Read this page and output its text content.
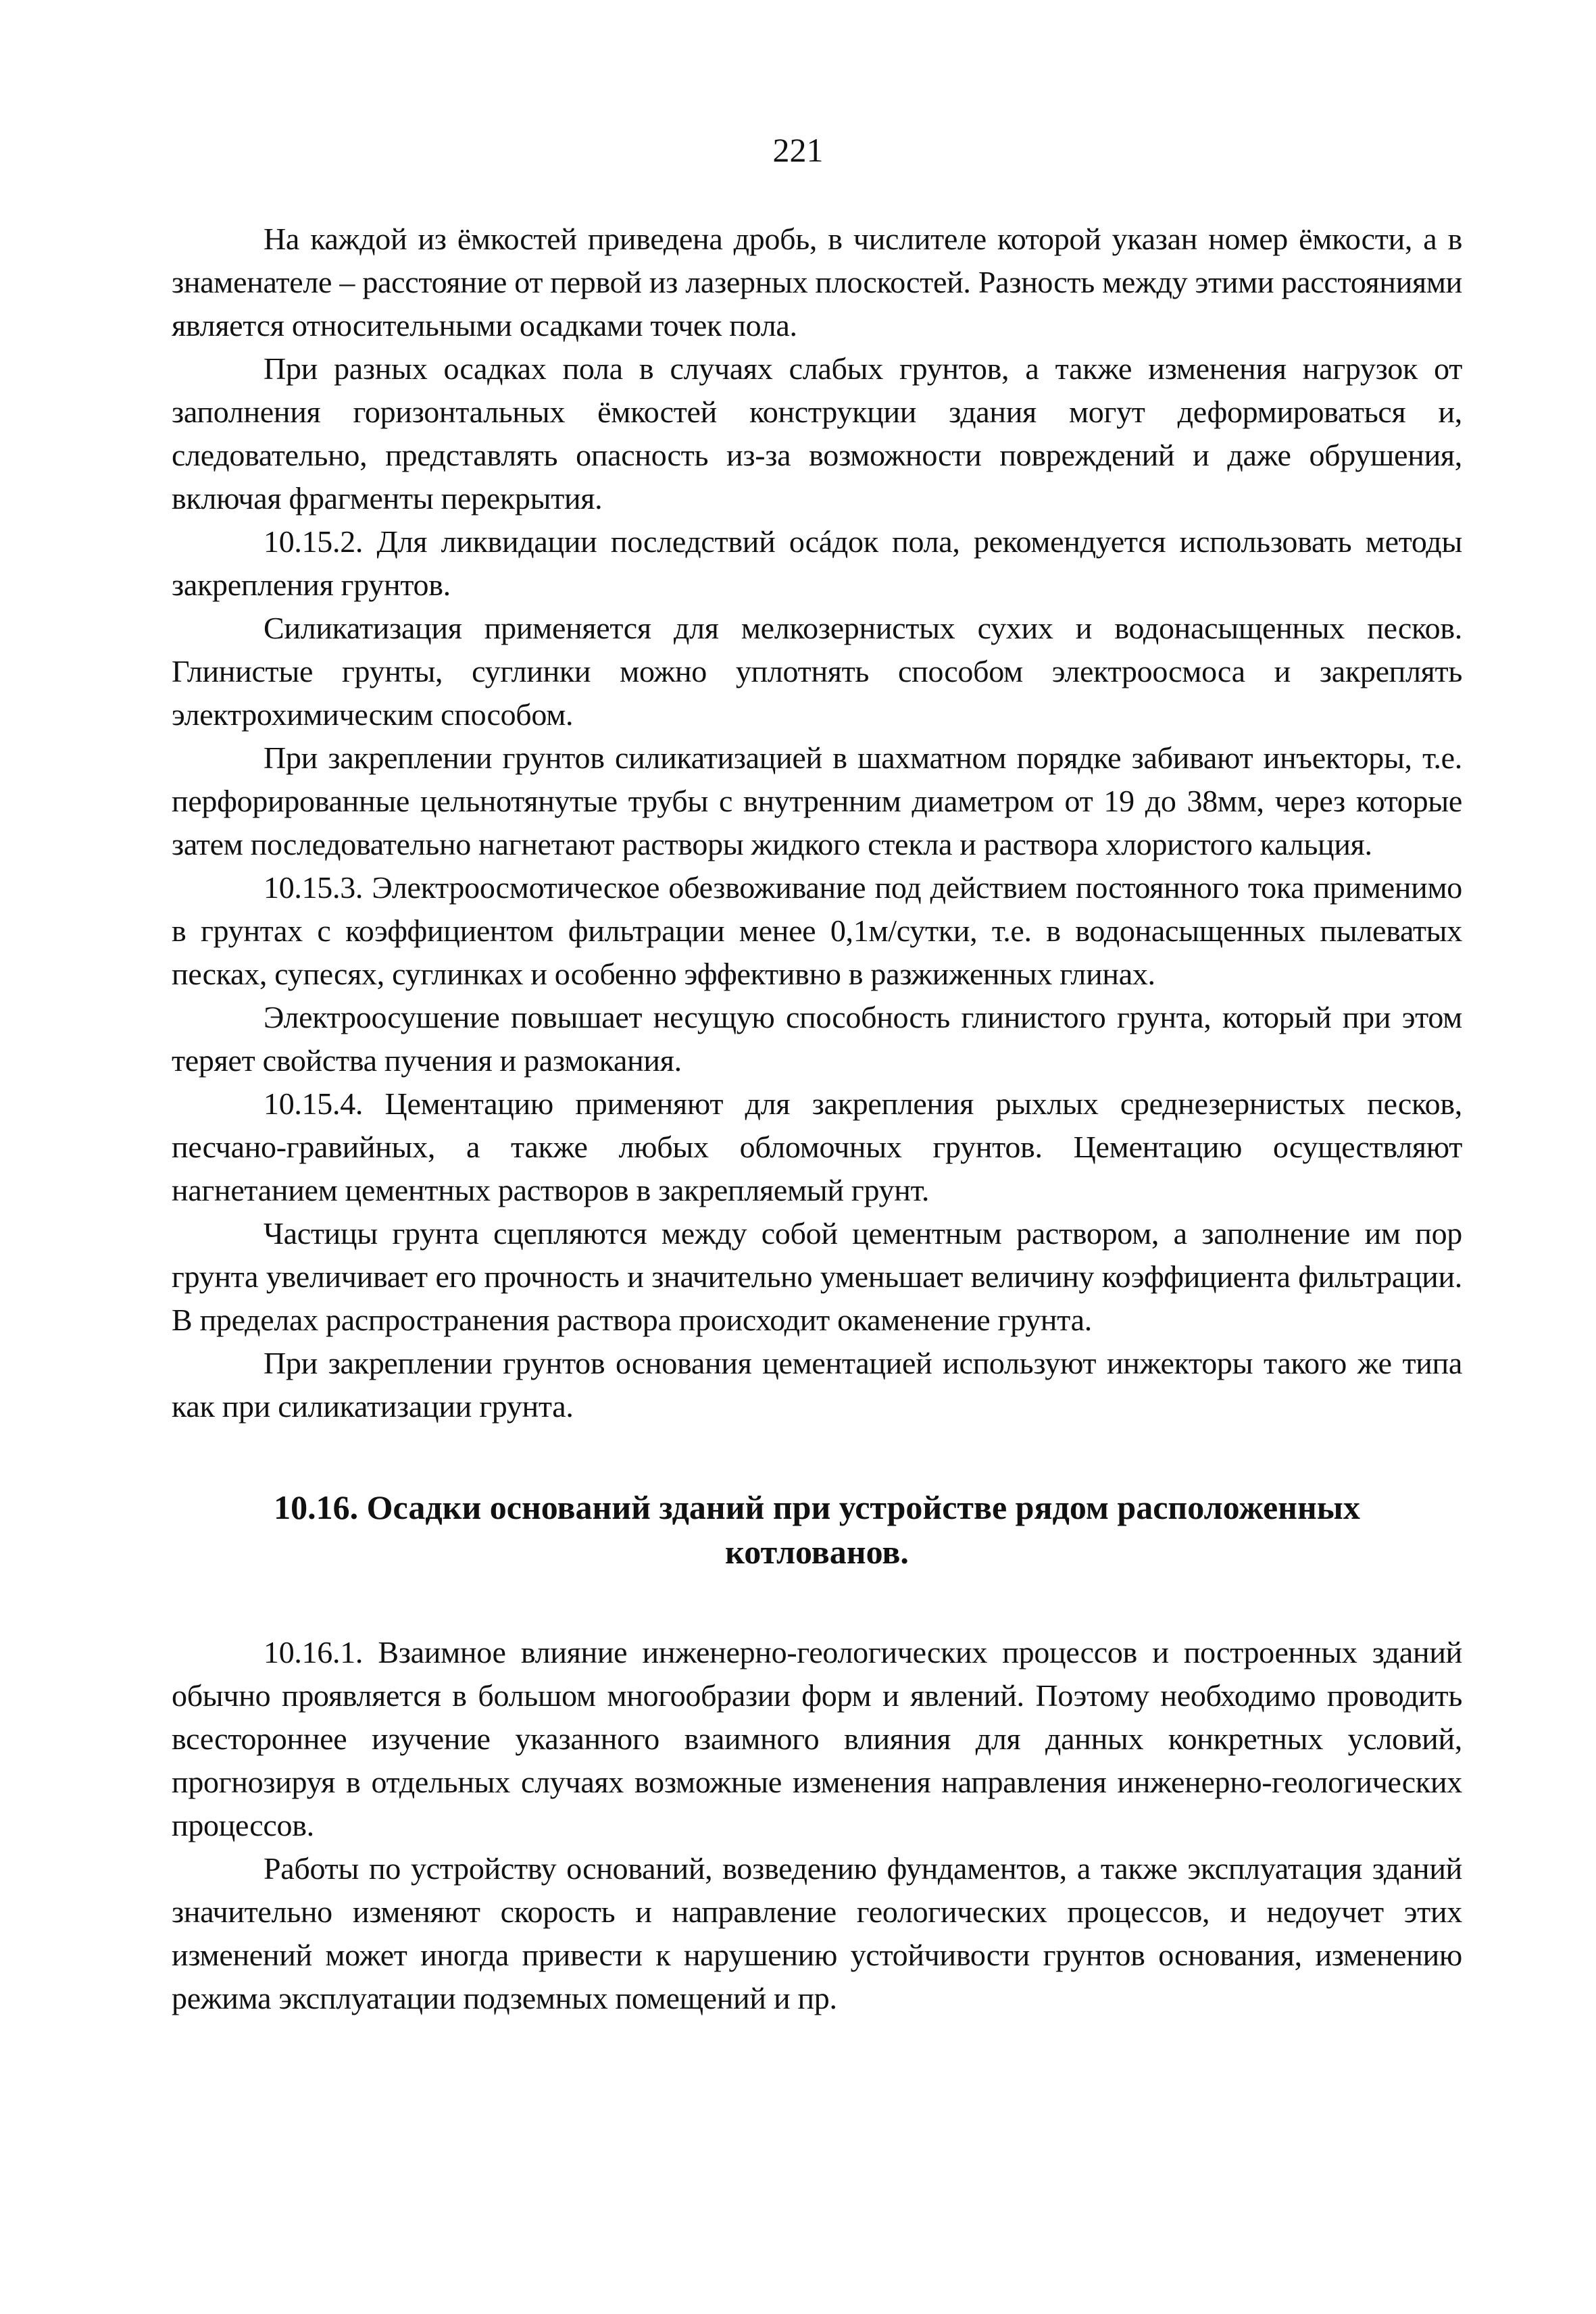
221

На каждой из ёмкостей приведена дробь, в числителе которой указан номер ёмкости, а в знаменателе – расстояние от первой из лазерных плоскостей. Разность между этими расстояниями является относительными осадками точек пола.

При разных осадках пола в случаях слабых грунтов, а также изменения нагрузок от заполнения горизонтальных ёмкостей конструкции здания могут деформироваться и, следовательно, представлять опасность из-за возможности повреждений и даже обрушения, включая фрагменты перекрытия.

10.15.2. Для ликвидации последствий осáдок пола, рекомендуется использовать методы закрепления грунтов.

Силикатизация применяется для мелкозернистых сухих и водонасыщенных песков. Глинистые грунты, суглинки можно уплотнять способом электроосмоса и закреплять электрохимическим способом.

При закреплении грунтов силикатизацией в шахматном порядке забивают инъекторы, т.е. перфорированные цельнотянутые трубы с внутренним диаметром от 19 до 38мм, через которые затем последовательно нагнетают растворы жидкого стекла и раствора хлористого кальция.

10.15.3. Электроосмотическое обезвоживание под действием постоянного тока применимо в грунтах с коэффициентом фильтрации менее 0,1м/сутки, т.е. в водонасыщенных пылеватых песках, супесях, суглинках и особенно эффективно в разжиженных глинах.

Электроосушение повышает несущую способность глинистого грунта, который при этом теряет свойства пучения и размокания.

10.15.4. Цементацию применяют для закрепления рыхлых среднезернистых песков, песчано-гравийных, а также любых обломочных грунтов. Цементацию осуществляют нагнетанием цементных растворов в закрепляемый грунт.

Частицы грунта сцепляются между собой цементным раствором, а заполнение им пор грунта увеличивает его прочность и значительно уменьшает величину коэффициента фильтрации. В пределах распространения раствора происходит окаменение грунта.

При закреплении грунтов основания цементацией используют инжекторы такого же типа как при силикатизации грунта.

10.16. Осадки оснований зданий при устройстве рядом расположенных котлованов.

10.16.1. Взаимное влияние инженерно-геологических процессов и построенных зданий обычно проявляется в большом многообразии форм и явлений. Поэтому необходимо проводить всестороннее изучение указанного взаимного влияния для данных конкретных условий, прогнозируя в отдельных случаях возможные изменения направления инженерно-геологических процессов.

Работы по устройству оснований, возведению фундаментов, а также эксплуатация зданий значительно изменяют скорость и направление геологических процессов, и недоучет этих изменений может иногда привести к нарушению устойчивости грунтов основания, изменению режима эксплуатации подземных помещений и пр.
